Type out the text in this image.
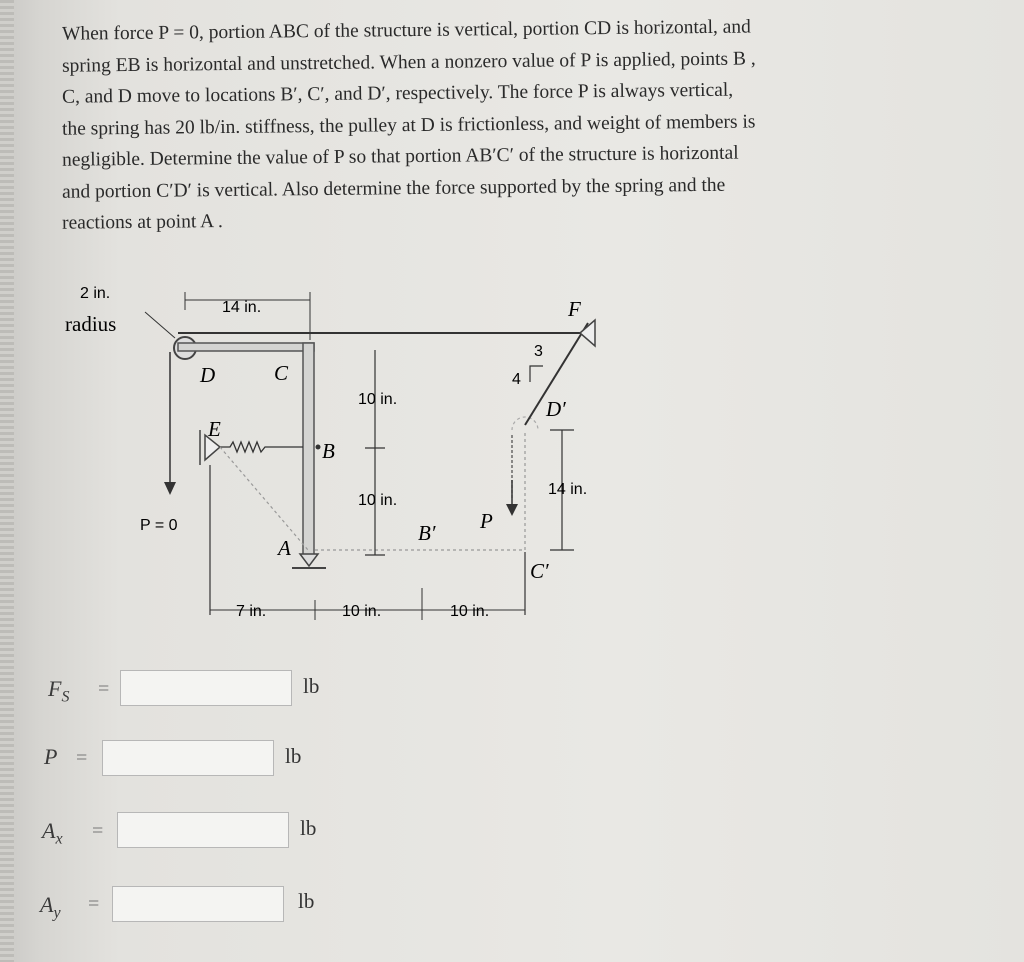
When force P = 0, portion ABC of the structure is vertical, portion CD is horizontal, and
spring EB is horizontal and unstretched. When a nonzero value of P is applied, points B ,
C, and D move to locations B′, C′, and D′, respectively. The force P is always vertical,
the spring has 20 lb/in. stiffness, the pulley at D is frictionless, and weight of members is
negligible. Determine the value of P so that portion AB′C′ of the structure is horizontal
and portion C′D′ is vertical. Also determine the force supported by the spring and the
reactions at point A .
2 in.
radius
14 in.
D	C
E
B
A
10 in.
10 in.
P = 0	B′ P
F
3
4
D′
14 in.
C′
7 in.	10 in.	10 in.
$F_S$ =	lb
P =	lb
$A_x$ =	lb
$A_y$ =	lb
